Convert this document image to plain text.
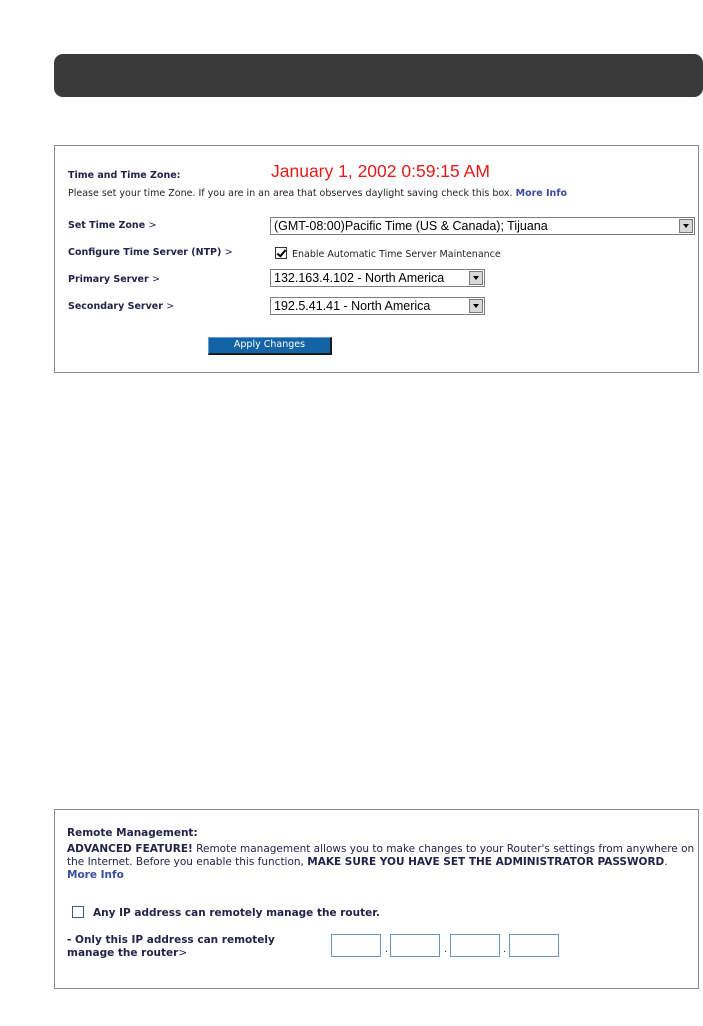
Time and Time Zone:	January 1, 2002 0:59:15 AM
Please set your time Zone. If you are in an area that observes daylight saving check this box. More Info
Set Time Zone >	(GMT-08:00)Pacific Time (US & Canada); Tijuana
Configure Time Server (NTP) >	Enable Automatic Time Server Maintenance
Primary Server >	132.163.4.102 - North America
Secondary Server >	192.5.41.41 - North America
Apply Changes
Remote Management:
ADVANCED FEATURE! Remote management allows you to make changes to your Router's settings from anywhere on the Internet. Before you enable this function, MAKE SURE YOU HAVE SET THE ADMINISTRATOR PASSWORD. More Info
Any IP address can remotely manage the router.
- Only this IP address can remotely
manage the router>	.	.	.
